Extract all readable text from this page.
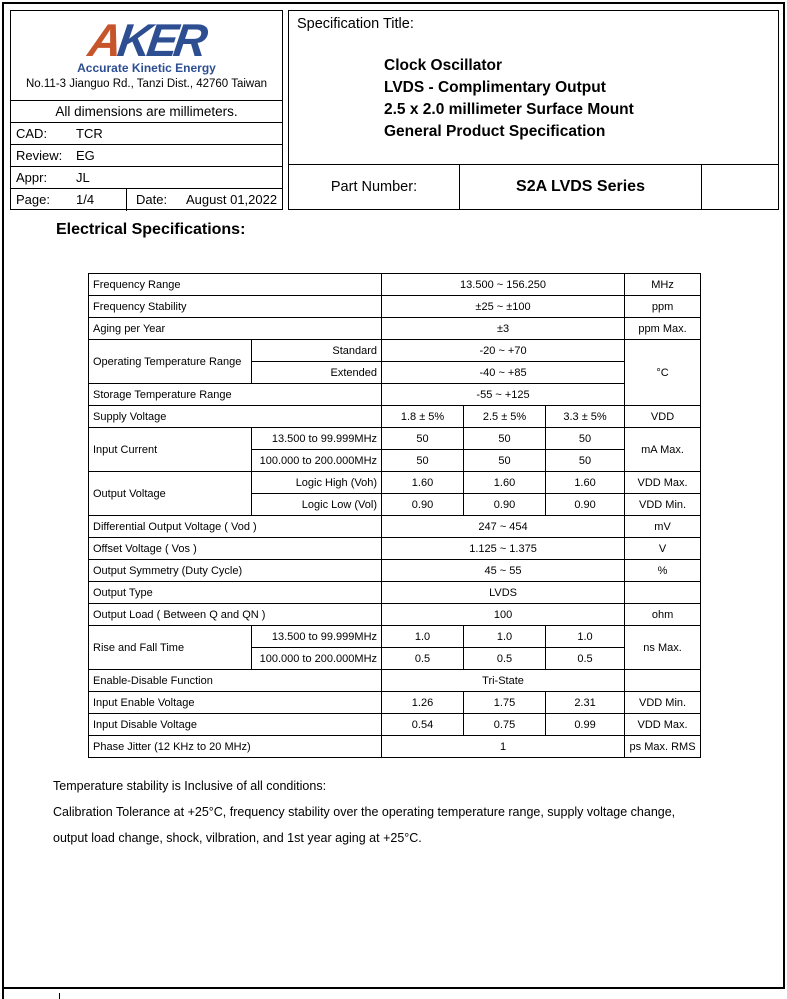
AKER
Accurate Kinetic Energy
No.11-3 Jianguo Rd., Tanzi Dist., 42760 Taiwan
All dimensions are millimeters.
CAD:	TCR
Review:	EG
Appr:	JL
Page:	1/4	Date:	August 01,2022
Specification Title:
Clock Oscillator
LVDS - Complimentary Output
2.5 x 2.0 millimeter Surface Mount
General Product Specification
Part Number:	S2A LVDS Series
Electrical Specifications:
Frequency Range		13.500 ~ 156.250			MHz
Frequency Stability		±25 ~ ±100			ppm
Aging per Year		±3			ppm Max.
Operating Temperature Range	Standard	-20 ~ +70			°C
	Extended	-40 ~ +85			
Storage Temperature Range		-55 ~ +125			
Supply Voltage		1.8 ± 5%	2.5 ± 5%	3.3 ± 5%	VDD
Input Current	13.500 to 99.999MHz	50	50	50	mA Max.
	100.000 to 200.000MHz	50	50	50	
Output Voltage	Logic High (Voh)	1.60	1.60	1.60	VDD Max.
	Logic Low (Vol)	0.90	0.90	0.90	VDD Min.
Differential Output Voltage ( Vod )		247 ~ 454			mV
Offset Voltage ( Vos )		1.125 ~ 1.375			V
Output Symmetry (Duty Cycle)		45 ~ 55			%
Output Type		LVDS			
Output Load ( Between Q and QN )		100			ohm
Rise and Fall Time	13.500 to 99.999MHz	1.0	1.0	1.0	ns Max.
	100.000 to 200.000MHz	0.5	0.5	0.5	
Enable-Disable Function		Tri-State			
Input Enable Voltage		1.26	1.75	2.31	VDD Min.
Input Disable Voltage		0.54	0.75	0.99	VDD Max.
Phase Jitter (12 KHz to 20 MHz)		1			ps Max. RMS
Temperature stability is Inclusive of all conditions:
Calibration Tolerance at +25°C, frequency stability over the operating temperature range, supply voltage change,
output load change, shock, vilbration, and 1st year aging at +25°C.
